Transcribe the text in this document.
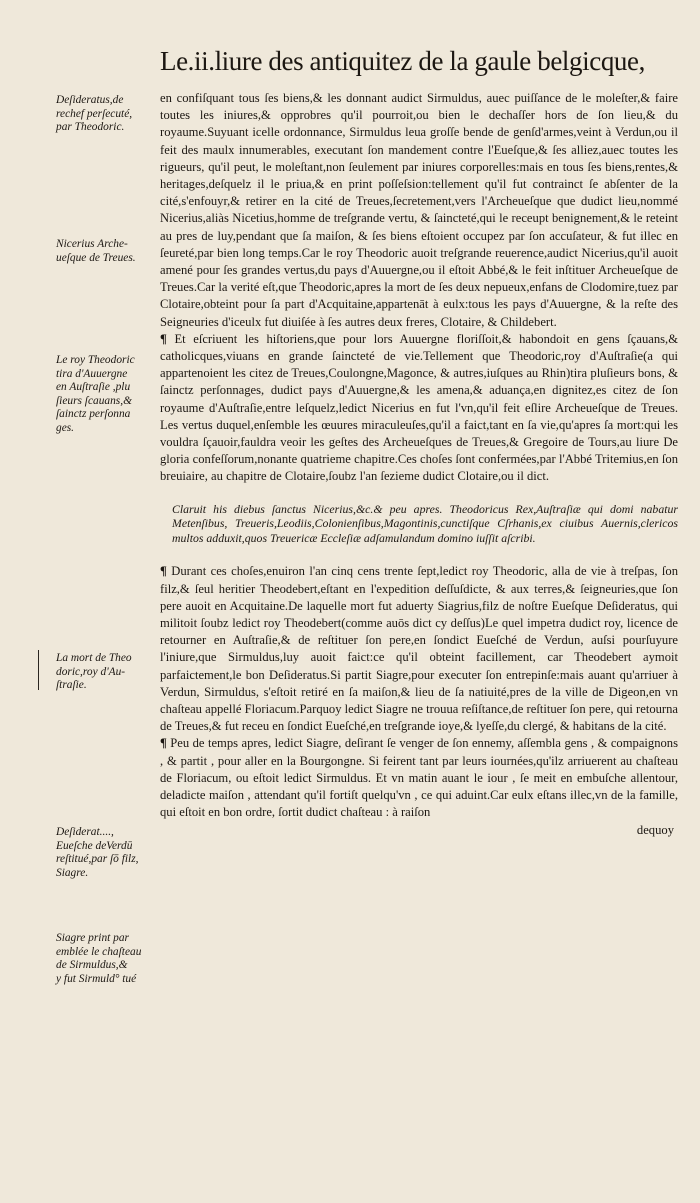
Le.ii.liure des antiquitez de la gaule belgicque,
Deſideratus,de
rechef perſecuté,
par Theodoric.
Nicerius Arche-
ueſque de Treues.
Le roy Theodoric
tira d'Auuergne
en Auſtraſie ,plu
ſieurs ſcauans,&
ſainctz perſonna
ges.
La mort de Theo
doric,roy d'Au-
ſtraſie.
Deſiderat....,
Eueſche deVerdū
reſtitué,par ſō filz,
Siagre.
Siagre print par
emblée le chaſteau
de Sirmuldus,&
y fut Sirmuld° tué

en confiſquant tous ſes biens,& les donnant audict Sirmuldus, auec puiſſance de le moleſter,& faire toutes les iniures,& opprobres qu'il pourroit,ou bien le dechaſſer hors de ſon lieu,& du royaume.Suyuant icelle ordonnance, Sirmuldus leua groſſe bende de genſd'armes,veint à Verdun,ou il feit des maulx innumerables, executant ſon mandement contre l'Eueſque,& ſes alliez,auec toutes les rigueurs, qu'il peut, le moleſtant,non ſeulement par iniures corporelles:mais en tous ſes biens,rentes,& heritages,deſquelz il le priua,& en print poſſeſsion:tellement qu'il fut contrainct ſe abſenter de la cité,s'enfouyr,& retirer en la cité de Treues,ſecretement,vers l'Archeueſque que dudict lieu,nommé Nicerius,aliàs Nicetius,homme de treſgrande vertu, & ſaincteté,qui le receupt benignement,& le reteint au pres de luy,pendant que ſa maiſon, & ſes biens eſtoient occupez par ſon accuſateur, & fut illec en ſeureté,par bien long temps.Car le roy Theodoric auoit treſgrande reuerence,audict Nicerius,qu'il auoit amené pour ſes grandes vertus,du pays d'Auuergne,ou il eſtoit Abbé,& le feit inſtituer Archeueſque de Treues.Car la verité eſt,que Theodoric,apres la mort de ſes deux nepueux,enfans de Clodomire,tuez par Clotaire,obteint pour ſa part d'Acquitaine,appartenāt à eulx:tous les pays d'Auuergne, & la reſte des Seigneuries d'iceulx fut diuiſée à ſes autres deux freres, Clotaire, & Childebert.

¶ Et eſcriuent les hiſtoriens,que pour lors Auuergne floriſſoit,& habondoit en gens ſçauans,& catholicques,viuans en grande ſaincteté de vie.Tellement que Theodoric,roy d'Auſtraſie(a qui appartenoient les citez de Treues,Coulongne,Magonce, & autres,iuſques au Rhin)tira pluſieurs bons, & ſainctz perſonnages, dudict pays d'Auuergne,& les amena,& aduança,en dignitez,es citez de ſon royaume d'Auſtraſie,entre leſquelz,ledict Nicerius en fut l'vn,qu'il feit eſlire Archeueſque de Treues. Les vertus duquel,enſemble les œuures miraculeuſes,qu'il a faict,tant en ſa vie,qu'apres ſa mort:qui les vouldra ſçauoir,fauldra veoir les geſtes des Archeueſques de Treues,& Gregoire de Tours,au liure De gloria confeſſorum,nonante quatrieme chapitre.Ces choſes ſont confermées,par l'Abbé Tritemius,en ſon breuiaire, au chapitre de Clotaire,ſoubz l'an ſezieme dudict Clotaire,ou il dict.

Claruit his diebus ſanctus Nicerius,&c.& peu apres. Theodoricus Rex,Auſtraſiæ qui domi nabatur Metenſibus, Treueris,Leodiis,Colonienſibus,Magontinis,cunctiſque Cſrhanis,ex ciuibus Auernis,clericos multos adduxit,quos Treuericæ Eccleſiæ adſamulandum domino iuſſit aſcribi.

¶ Durant ces choſes,enuiron l'an cinq cens trente ſept,ledict roy Theodoric, alla de vie à treſpas, ſon filz,& ſeul heritier Theodebert,eſtant en l'expedition deſſuſdicte, & aux terres,& ſeigneuries,que ſon pere auoit en Acquitaine.De laquelle mort fut aduerty Siagrius,filz de noſtre Eueſque Deſideratus, qui militoit ſoubz ledict roy Theodebert(comme auōs dict cy deſſus)Le quel impetra dudict roy, licence de retourner en Auſtraſie,& de reſtituer ſon pere,en ſondict Eueſché de Verdun, auſsi pourſuyure l'iniure,que Sirmuldus,luy auoit faict:ce qu'il obteint facillement, car Theodebert aymoit parfaictement,le bon Deſideratus.Si partit Siagre,pour executer ſon entrepinſe:mais auant qu'arriuer à Verdun, Sirmuldus, s'eſtoit retiré en ſa maiſon,& lieu de ſa natiuité,pres de la ville de Digeon,en vn chaſteau appellé Floriacum.Parquoy ledict Siagre ne trouua reſiſtance,de reſtituer ſon pere, qui retourna de Treues,& fut receu en ſondict Eueſché,en treſgrande ioye,& lyeſſe,du clergé, & habitans de la cité.

¶ Peu de temps apres, ledict Siagre, deſirant ſe venger de ſon ennemy, aſſembla gens , & compaignons , & partit , pour aller en la Bourgongne. Si feirent tant par leurs iournées,qu'ilz arriuerent au chaſteau de Floriacum, ou eſtoit ledict Sirmuldus. Et vn matin auant le iour , ſe meit en embuſche allentour, deladicte maiſon , attendant qu'il fortiſt quelqu'vn , ce qui aduint.Car eulx eſtans illec,vn de la famille, qui eſtoit en bon ordre, ſortit dudict chaſteau : à raiſon

dequoy
